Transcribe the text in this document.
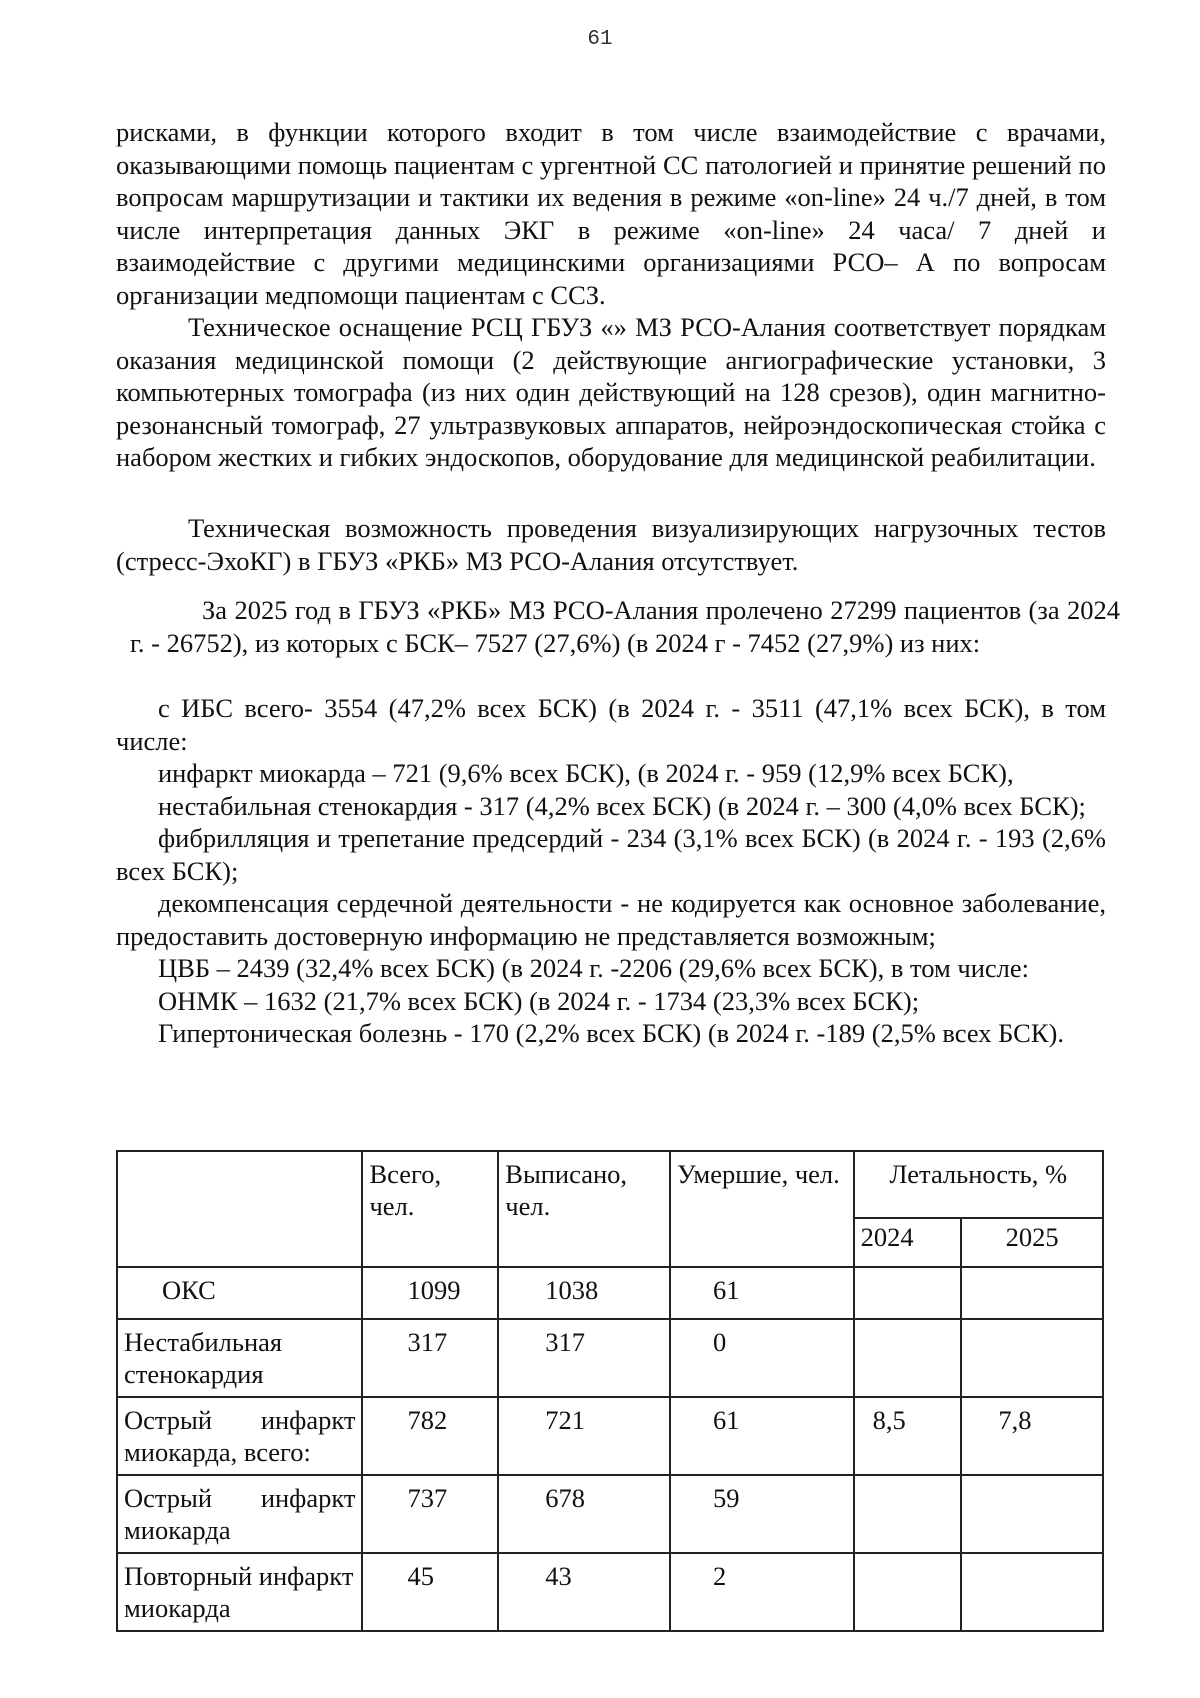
61

рисками, в функции которого входит в том числе взаимодействие с врачами, оказывающими помощь пациентам с ургентной СС патологией и принятие решений по вопросам маршрутизации и тактики их ведения в режиме «on-line» 24 ч./7 дней, в том числе интерпретация данных ЭКГ в режиме «on-line» 24 часа/ 7 дней и взаимодействие с другими медицинскими организациями РСО– А по вопросам организации медпомощи пациентам с ССЗ.

Техническое оснащение РСЦ ГБУЗ «» МЗ РСО-Алания соответствует порядкам оказания медицинской помощи (2 действующие ангиографические установки, 3 компьютерных томографа (из них один действующий на 128 срезов), один магнитно-резонансный томограф, 27 ультразвуковых аппаратов, нейроэндоскопическая стойка с набором жестких и гибких эндоскопов, оборудование для медицинской реабилитации.

Техническая возможность проведения визуализирующих нагрузочных тестов (стресс-ЭхоКГ) в ГБУЗ «РКБ» МЗ РСО-Алания отсутствует.

За 2025 год в ГБУЗ «РКБ» МЗ РСО-Алания пролечено 27299 пациентов (за 2024 г. - 26752), из которых с БСК– 7527 (27,6%) (в 2024 г - 7452 (27,9%) из них:

с ИБС всего- 3554 (47,2% всех БСК) (в 2024 г. - 3511 (47,1% всех БСК), в том числе:

инфаркт миокарда – 721 (9,6% всех БСК), (в 2024 г. - 959 (12,9% всех БСК),

нестабильная стенокардия - 317 (4,2% всех БСК) (в 2024 г. – 300 (4,0% всех БСК);

фибрилляция и трепетание предсердий - 234 (3,1% всех БСК) (в 2024 г. - 193 (2,6% всех БСК);

декомпенсация сердечной деятельности - не кодируется как основное заболевание, предоставить достоверную информацию не представляется возможным;

ЦВБ – 2439 (32,4% всех БСК) (в 2024 г. -2206 (29,6% всех БСК), в том числе:

ОНМК – 1632 (21,7% всех БСК) (в 2024 г. - 1734 (23,3% всех БСК);

Гипертоническая болезнь - 170 (2,2% всех БСК) (в 2024 г. -189 (2,5% всех БСК).

	Всего, чел.	Выписано, чел.	Умершие, чел.	Летальность, %	
				2024	2025
ОКС	1099	1038	61		
Нестабильная стенокардия	317	317	0		
Острый инфаркт миокарда, всего:	782	721	61	8,5	7,8
Острый инфаркт миокарда	737	678	59		
Повторный инфаркт миокарда	45	43	2		
